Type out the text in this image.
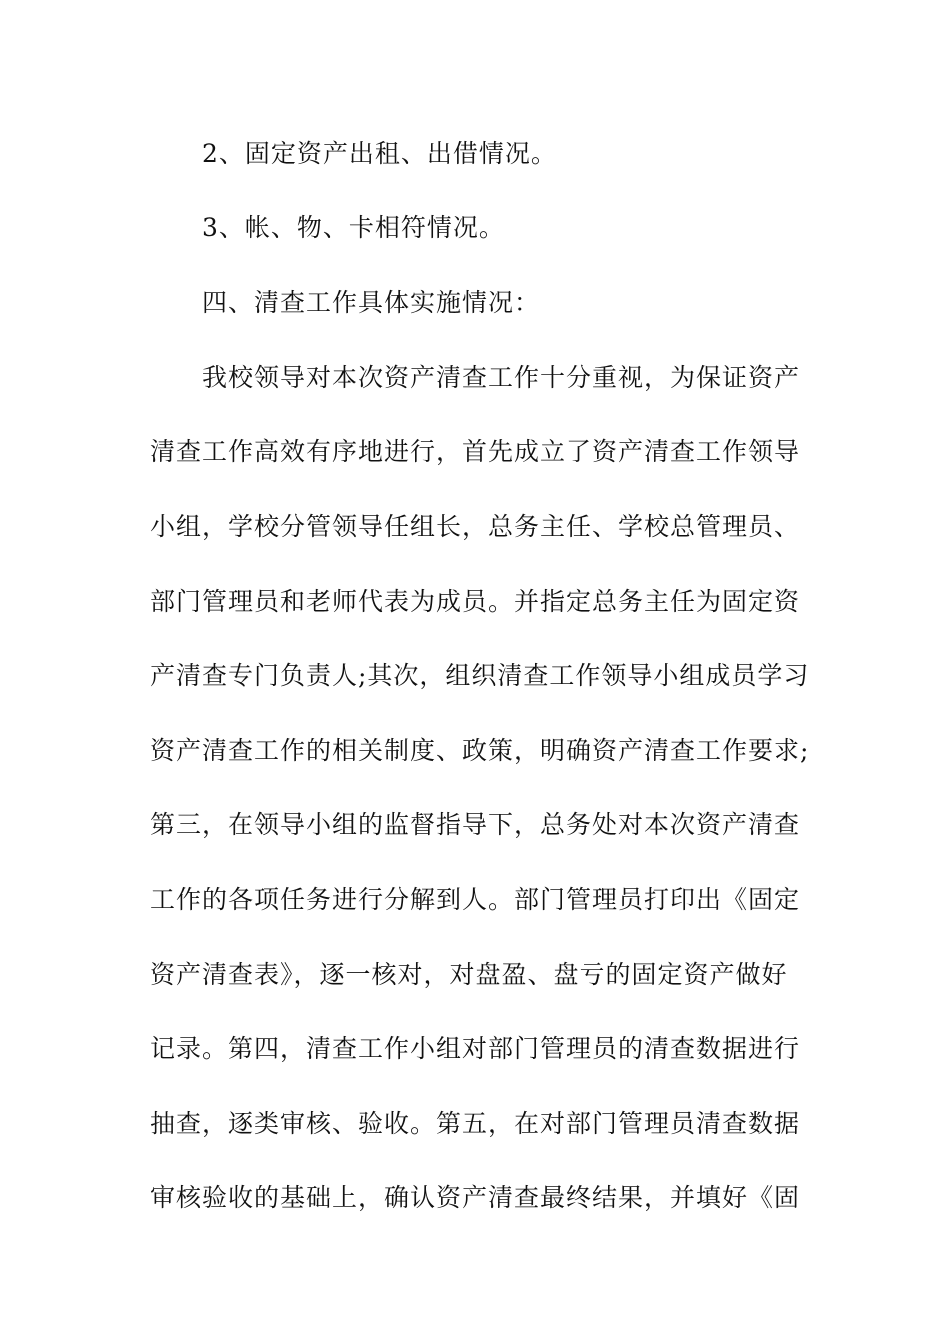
2、固定资产出租、出借情况。
3、帐、物、卡相符情况。
四、清查工作具体实施情况：
我校领导对本次资产清查工作十分重视，为保证资产
清查工作高效有序地进行，首先成立了资产清查工作领导
小组，学校分管领导任组长，总务主任、学校总管理员、
部门管理员和老师代表为成员。并指定总务主任为固定资
产清查专门负责人;其次，组织清查工作领导小组成员学习
资产清查工作的相关制度、政策，明确资产清查工作要求;
第三，在领导小组的监督指导下，总务处对本次资产清查
工作的各项任务进行分解到人。部门管理员打印出《固定
资产清查表》，逐一核对，对盘盈、盘亏的固定资产做好
记录。第四，清查工作小组对部门管理员的清查数据进行
抽查，逐类审核、验收。第五，在对部门管理员清查数据
审核验收的基础上，确认资产清查最终结果，并填好《固
